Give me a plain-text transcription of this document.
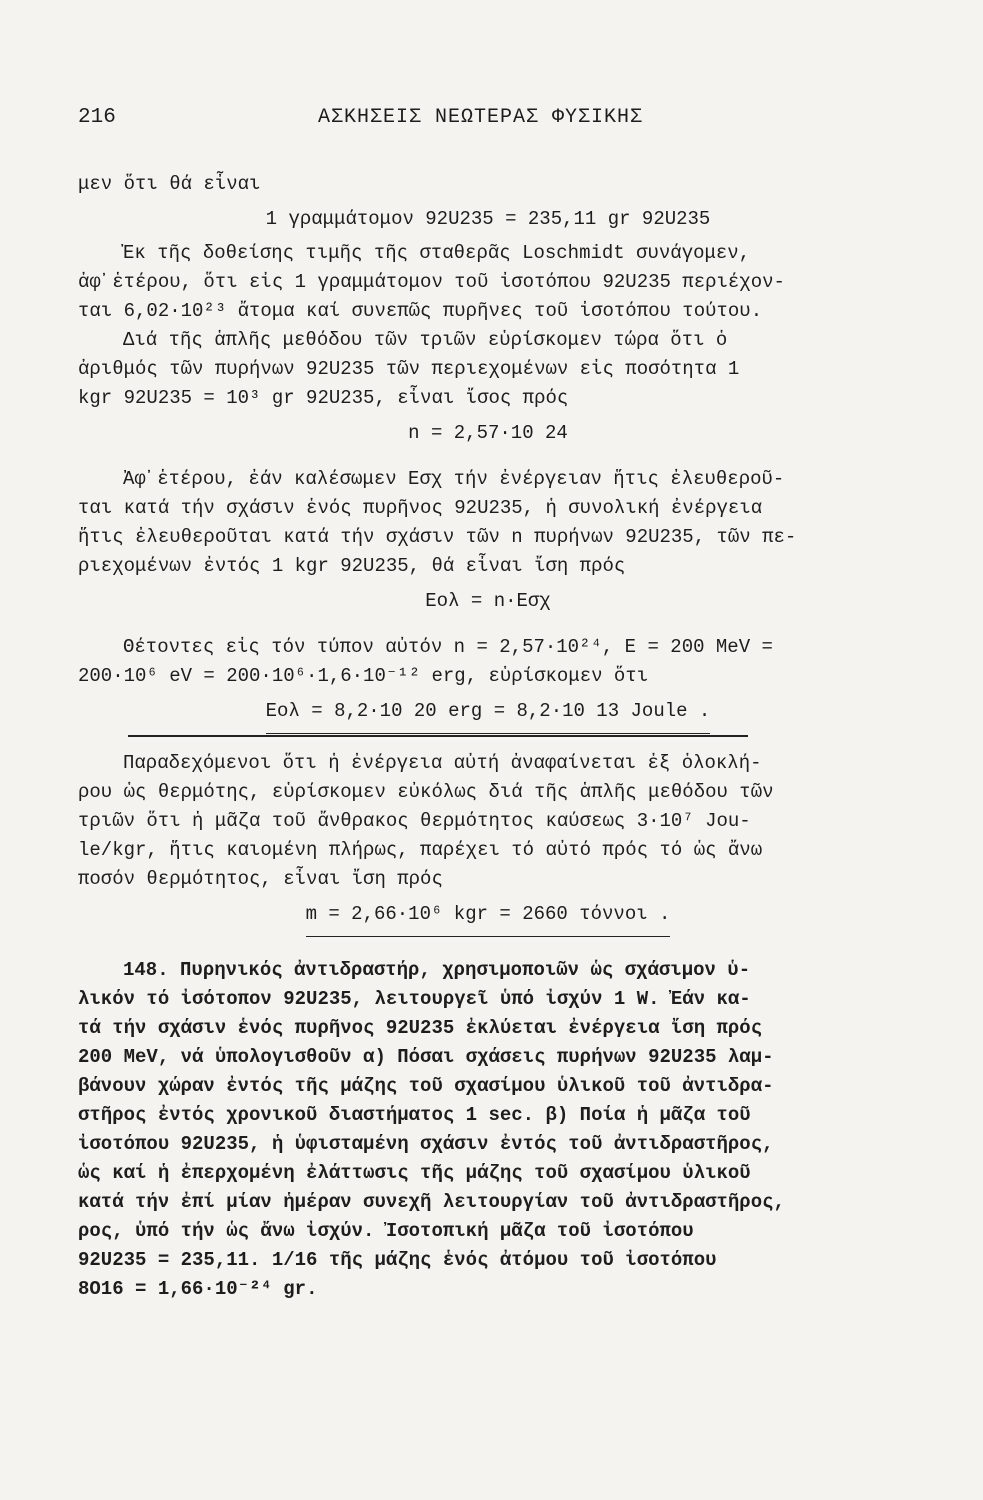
216	ΑΣΚΗΣΕΙΣ ΝΕΩΤΕΡΑΣ ΦΥΣΙΚΗΣ
μεν ὅτι θά εἶναι
1 γραμμάτομον 92U235 = 235,11 gr 92U235
Ἐκ τῆς δοθείσης τιμῆς τῆς σταθερᾶς Loschmidt συνάγομεν,
ἀφ᾽ἑτέρου, ὅτι εἰς 1 γραμμάτομον τοῦ ἰσοτόπου 92U235 περιέχον-
ται 6,02·10²³ ἄτομα καί συνεπῶς πυρῆνες τοῦ ἰσοτόπου τούτου.
Διά τῆς ἁπλῆς μεθόδου τῶν τριῶν εὑρίσκομεν τώρα ὅτι ὁ
ἀριθμός τῶν πυρήνων 92U235 τῶν περιεχομένων εἰς ποσότητα 1
kgr 92U235 = 10³ gr 92U235, εἶναι ἴσος πρός
n = 2,57·10 24
Ἀφ᾽ἑτέρου, ἐάν καλέσωμεν Eσχ τήν ἐνέργειαν ἥτις ἐλευθεροῦ-
ται κατά τήν σχάσιν ἑνός πυρῆνος 92U235, ἡ συνολική ἐνέργεια
ἥτις ἐλευθεροῦται κατά τήν σχάσιν τῶν n πυρήνων 92U235, τῶν πε-
ριεχομένων ἐντός 1 kgr 92U235, θά εἶναι ἴση πρός
Eολ = n·Eσχ
Θέτοντες εἰς τόν τύπον αὐτόν n = 2,57·10²⁴, E = 200 MeV =
200·10⁶ eV = 200·10⁶·1,6·10⁻¹² erg, εὑρίσκομεν ὅτι
Eολ = 8,2·10 20 erg = 8,2·10 13 Joule .
Παραδεχόμενοι ὅτι ἡ ἐνέργεια αὐτή ἀναφαίνεται ἐξ ὁλοκλή-
ρου ὡς θερμότης, εὑρίσκομεν εὐκόλως διά τῆς ἁπλῆς μεθόδου τῶν
τριῶν ὅτι ἡ μᾶζα τοῦ ἄνθρακος θερμότητος καύσεως 3·10⁷ Jou-
le/kgr, ἥτις καιομένη πλήρως, παρέχει τό αὐτό πρός τό ὡς ἄνω
ποσόν θερμότητος, εἶναι ἴση πρός
m = 2,66·10⁶ kgr = 2660 τόννοι .
148. Πυρηνικός ἀντιδραστήρ, χρησιμοποιῶν ὡς σχάσιμον ὑ-
λικόν τό ἰσότοπον 92U235, λειτουργεῖ ὑπό ἰσχύν 1 W. Ἐάν κα-
τά τήν σχάσιν ἑνός πυρῆνος 92U235 ἐκλύεται ἐνέργεια ἴση πρός
200 MeV, νά ὑπολογισθοῦν α) Πόσαι σχάσεις πυρήνων 92U235 λαμ-
βάνουν χώραν ἐντός τῆς μάζης τοῦ σχασίμου ὑλικοῦ τοῦ ἀντιδρα-
στῆρος ἐντός χρονικοῦ διαστήματος 1 sec. β) Ποία ἡ μᾶζα τοῦ
ἰσοτόπου 92U235, ἡ ὑφισταμένη σχάσιν ἐντός τοῦ ἀντιδραστῆρος,
ὡς καί ἡ ἐπερχομένη ἐλάττωσις τῆς μάζης τοῦ σχασίμου ὑλικοῦ
κατά τήν ἐπί μίαν ἡμέραν συνεχῆ λειτουργίαν τοῦ ἀντιδραστῆρος,
ρος, ὑπό τήν ὡς ἄνω ἰσχύν. Ἰσοτοπική μᾶζα τοῦ ἰσοτόπου
92U235 = 235,11. 1/16 τῆς μάζης ἑνός ἀτόμου τοῦ ἰσοτόπου
8O16 = 1,66·10⁻²⁴ gr.
